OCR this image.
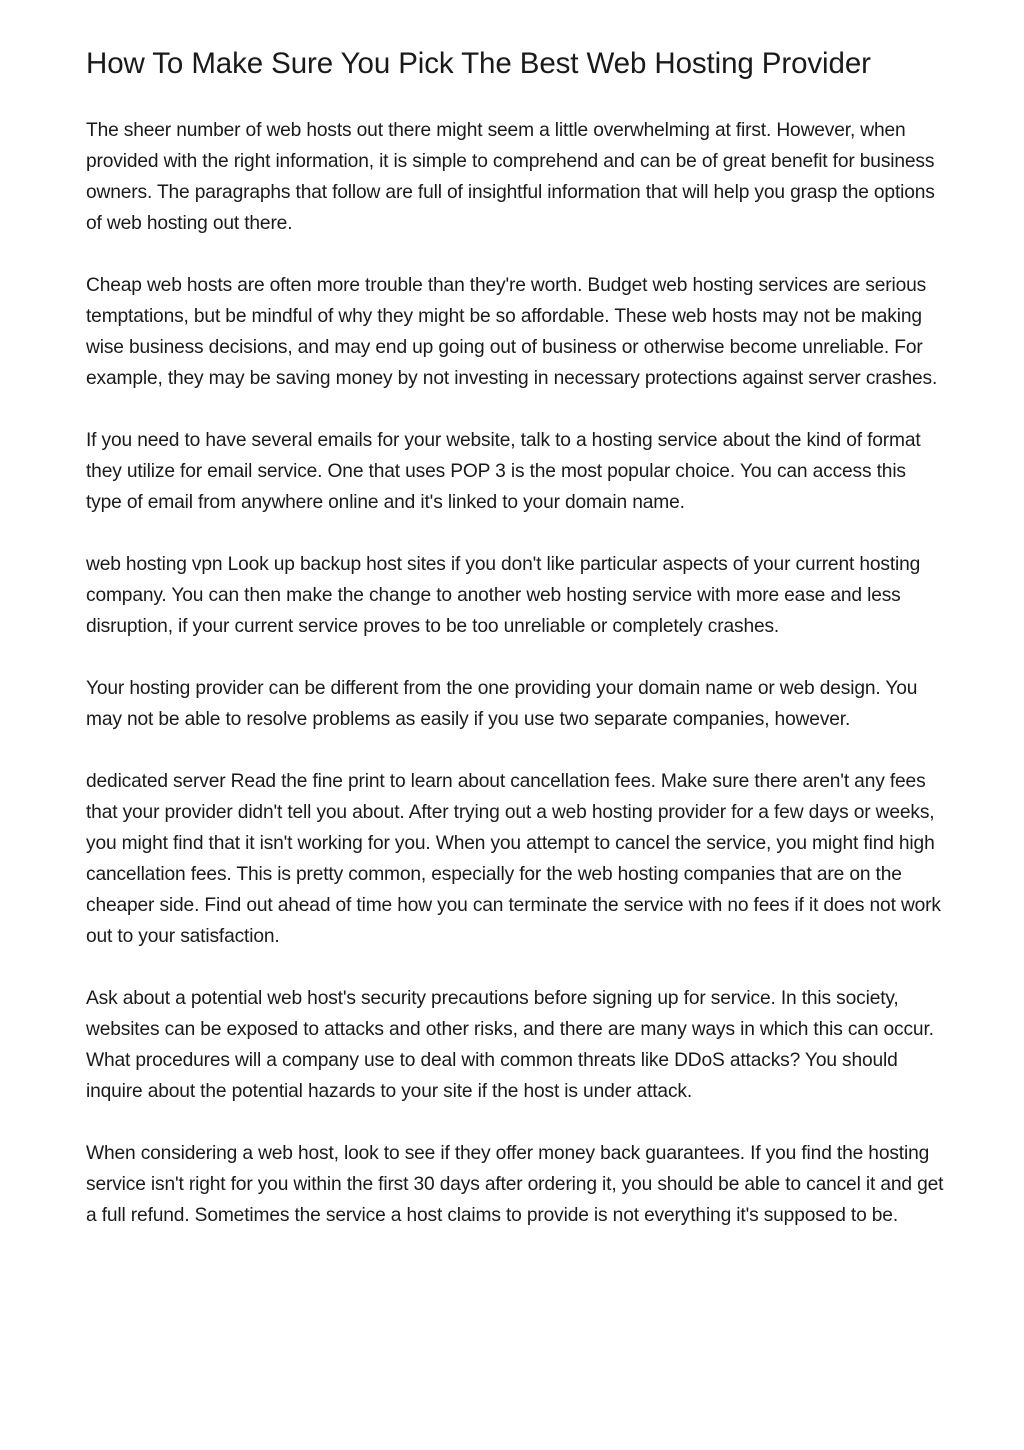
How To Make Sure You Pick The Best Web Hosting Provider

The sheer number of web hosts out there might seem a little overwhelming at first. However, when provided with the right information, it is simple to comprehend and can be of great benefit for business owners. The paragraphs that follow are full of insightful information that will help you grasp the options of web hosting out there.

Cheap web hosts are often more trouble than they're worth. Budget web hosting services are serious temptations, but be mindful of why they might be so affordable. These web hosts may not be making wise business decisions, and may end up going out of business or otherwise become unreliable. For example, they may be saving money by not investing in necessary protections against server crashes.

If you need to have several emails for your website, talk to a hosting service about the kind of format they utilize for email service. One that uses POP 3 is the most popular choice. You can access this type of email from anywhere online and it's linked to your domain name.

web hosting vpn Look up backup host sites if you don't like particular aspects of your current hosting company. You can then make the change to another web hosting service with more ease and less disruption, if your current service proves to be too unreliable or completely crashes.

Your hosting provider can be different from the one providing your domain name or web design. You may not be able to resolve problems as easily if you use two separate companies, however.

dedicated server Read the fine print to learn about cancellation fees. Make sure there aren't any fees that your provider didn't tell you about. After trying out a web hosting provider for a few days or weeks, you might find that it isn't working for you. When you attempt to cancel the service, you might find high cancellation fees. This is pretty common, especially for the web hosting companies that are on the cheaper side. Find out ahead of time how you can terminate the service with no fees if it does not work out to your satisfaction.

Ask about a potential web host's security precautions before signing up for service. In this society, websites can be exposed to attacks and other risks, and there are many ways in which this can occur. What procedures will a company use to deal with common threats like DDoS attacks? You should inquire about the potential hazards to your site if the host is under attack.

When considering a web host, look to see if they offer money back guarantees. If you find the hosting service isn't right for you within the first 30 days after ordering it, you should be able to cancel it and get a full refund. Sometimes the service a host claims to provide is not everything it's supposed to be.
